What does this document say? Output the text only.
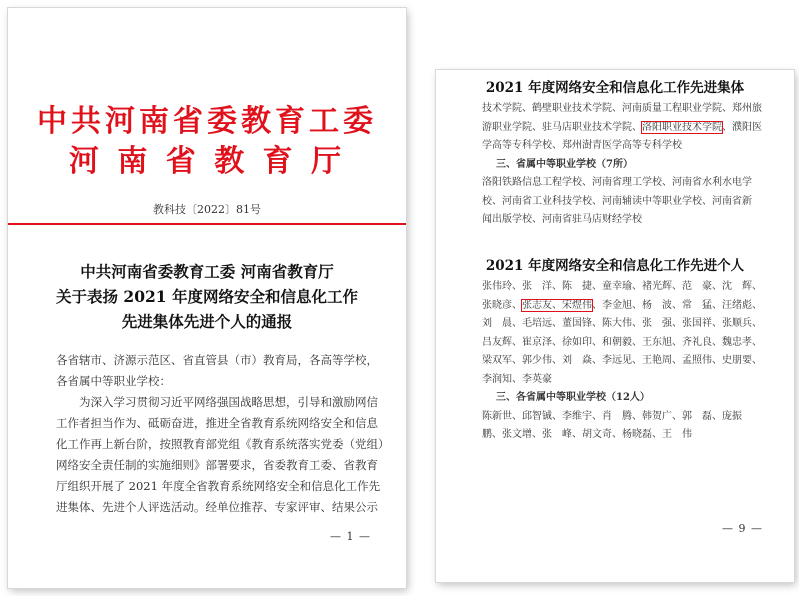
中共河南省委教育工委
河 南 省 教 育 厅
教科技〔2022〕81号
中共河南省委教育工委 河南省教育厅
关于表扬 2021 年度网络安全和信息化工作
先进集体先进个人的通报

各省辖市、济源示范区、省直管县（市）教育局，各高等学校，

各省属中等职业学校：

为深入学习贯彻习近平网络强国战略思想，引导和激励网信

工作者担当作为、砥砺奋进，推进全省教育系统网络安全和信息

化工作再上新台阶，按照教育部党组《教育系统落实党委（党组）

网络安全责任制的实施细则》部署要求，省委教育工委、省教育

厅组织开展了 2021 年度全省教育系统网络安全和信息化工作先

进集体、先进个人评选活动。经单位推荐、专家评审、结果公示

— 1 —
2021 年度网络安全和信息化工作先进集体

技术学院、鹤壁职业技术学院、河南质量工程职业学院、郑州旅

游职业学院、驻马店职业技术学院、洛阳职业技术学院、濮阳医

学高等专科学校、郑州澍青医学高等专科学校

三、省属中等职业学校（7所）

洛阳铁路信息工程学校、河南省理工学校、河南省水利水电学

校、河南省工业科技学校、河南辅读中等职业学校、河南省新

闻出版学校、河南省驻马店财经学校

2021 年度网络安全和信息化工作先进个人

张伟玲、张　洋、陈　捷、童幸瑜、褚光辉、范　豪、沈　辉、

张晓彦、张志友、宋煜伟、李金旭、杨　波、常　猛、汪绪彪、

刘　晨、毛培远、董国锋、陈大伟、张　强、张国祥、张顺兵、

吕友辉、崔京泽、徐如印、和朝毅、王东旭、齐礼良、魏忠孝、

梁双军、郭少伟、刘　焱、李远见、王艳周、孟照伟、史朋要、

李润知、李英豪

三、各省属中等职业学校（12人）

陈新世、邱智铖、李维宇、肖　腾、韩贺广、郭　磊、庞振

鹏、张文增、张　峰、胡文奇、杨晓磊、王　伟

— 9 —
